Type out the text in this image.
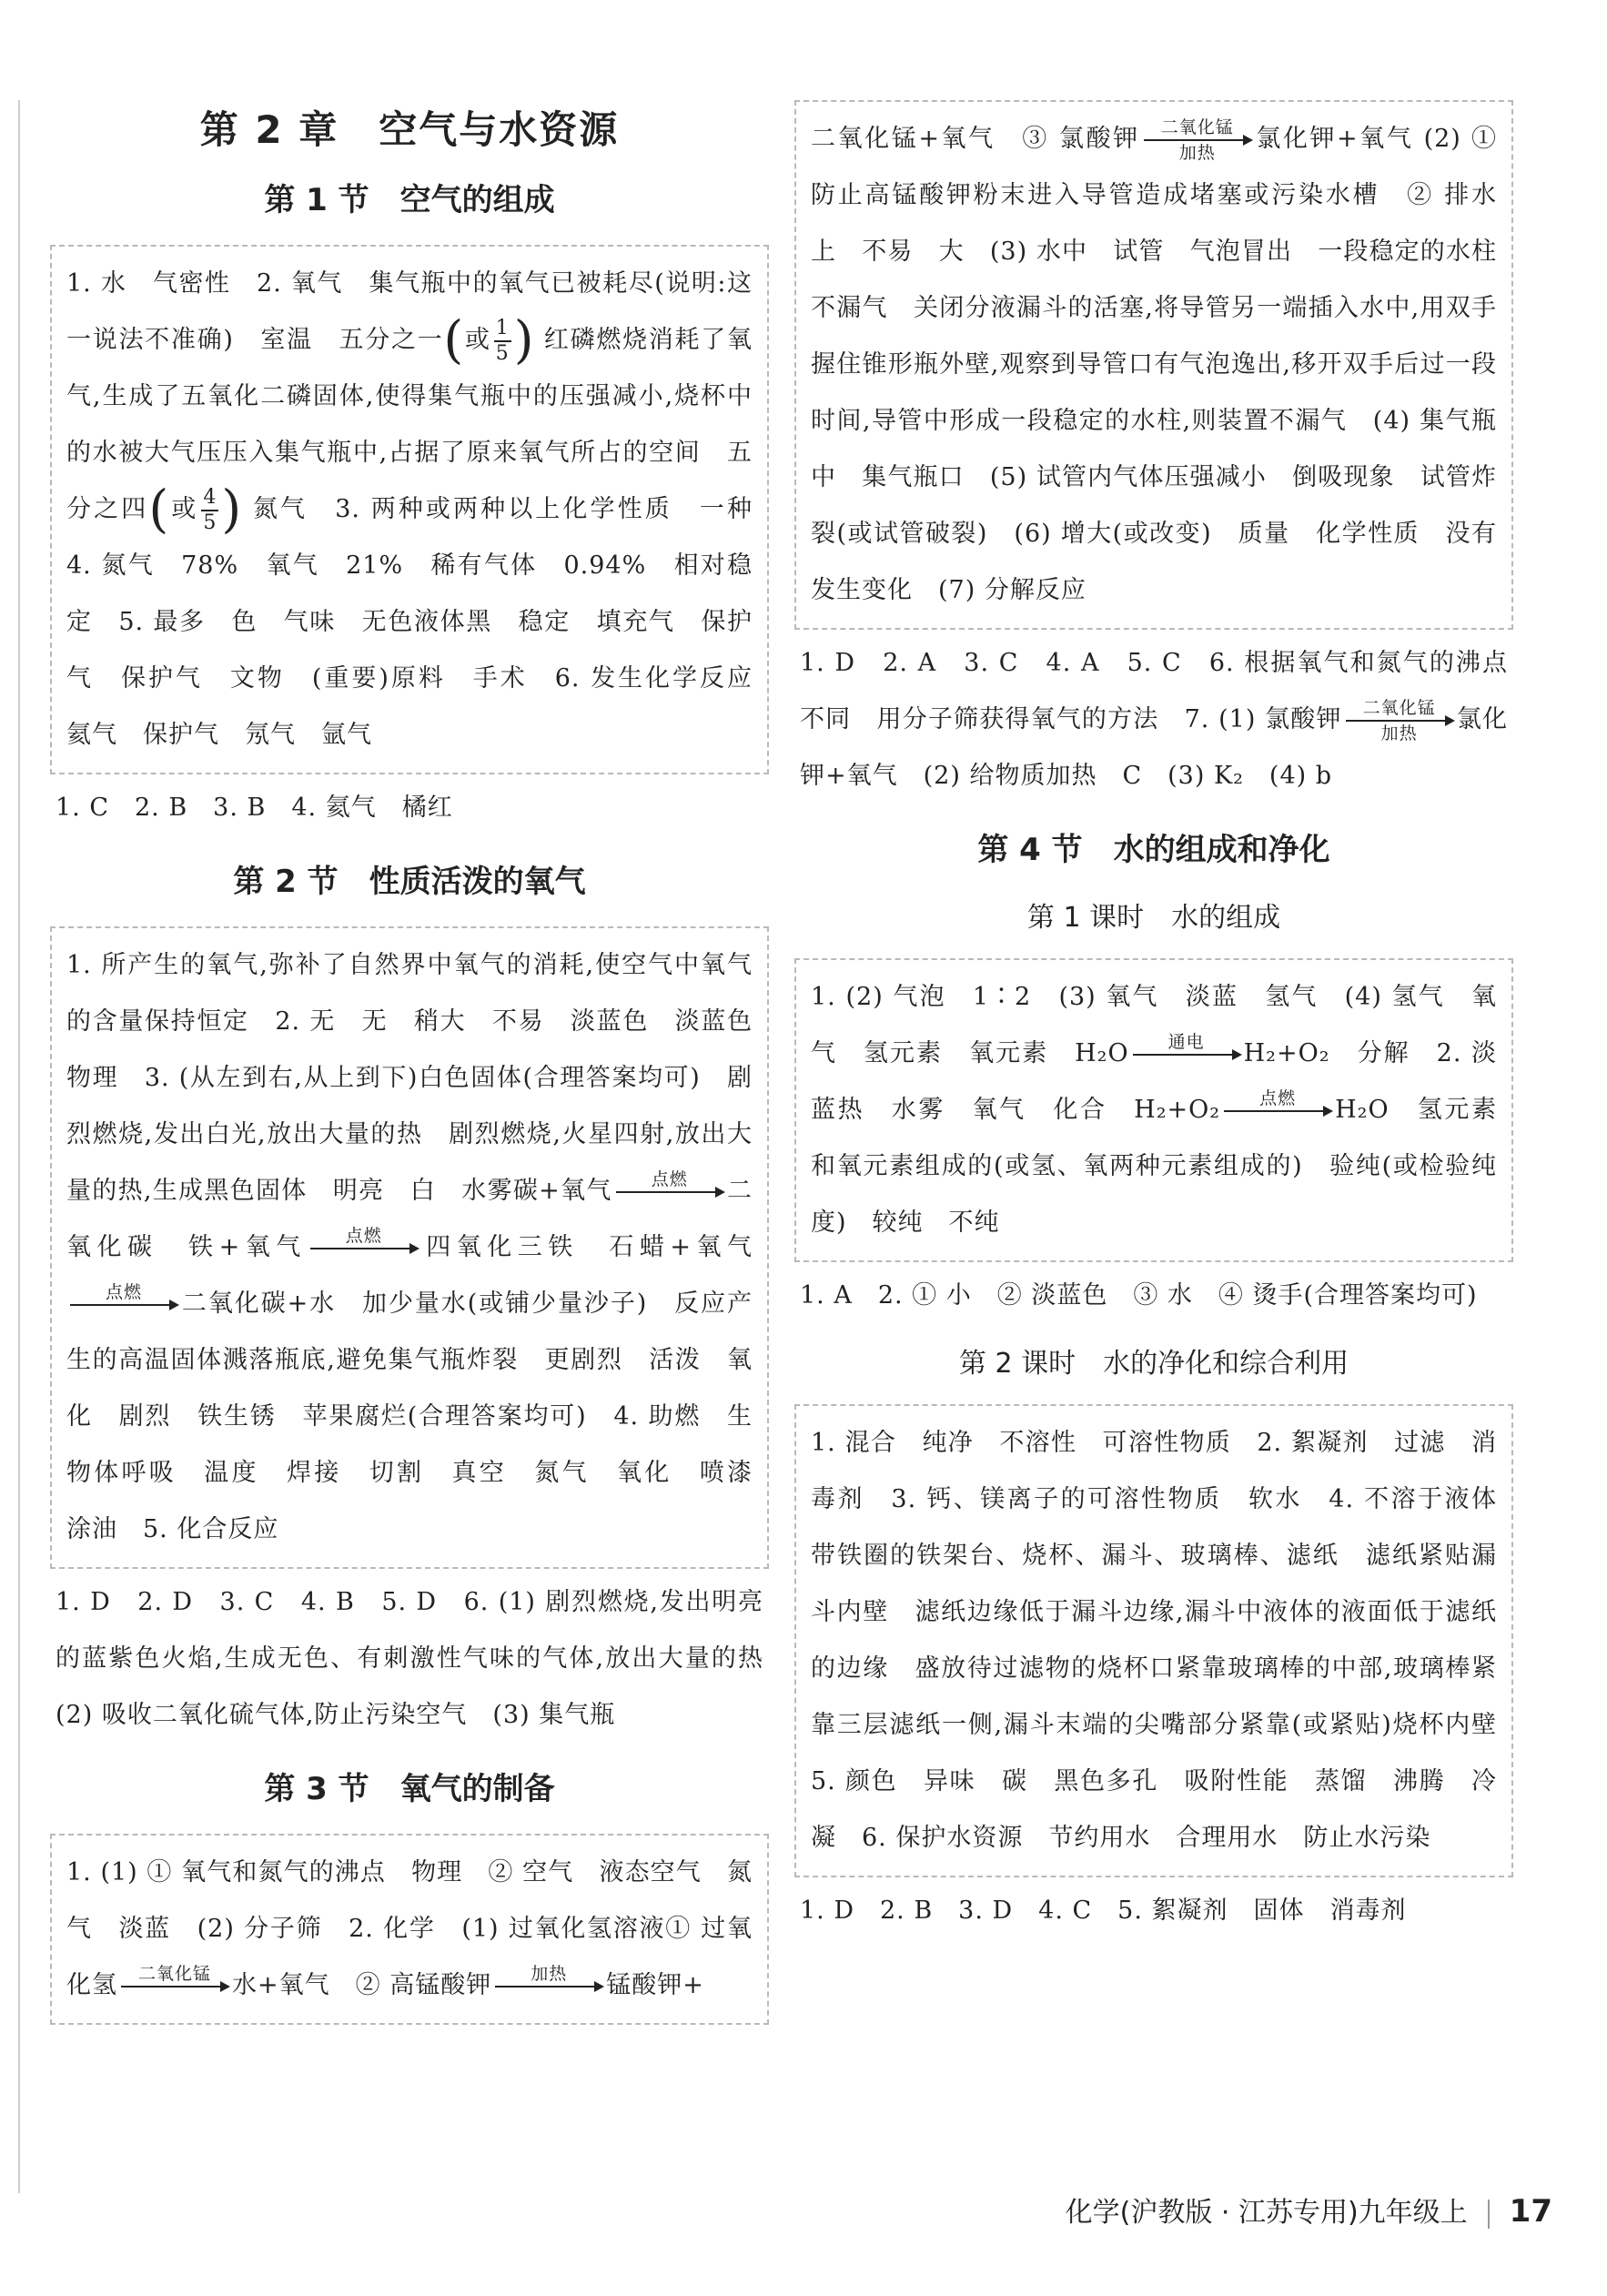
第 2 章　空气与水资源
第 1 节　空气的组成

1. 水　气密性　2. 氧气　集气瓶中的氧气已被耗尽(说明:这一说法不准确)　室温　五分之一(或 $\frac{1}{5}$ ) 红磷燃烧消耗了氧气,生成了五氧化二磷固体,使得集气瓶中的压强减小,烧杯中的水被大气压压入集气瓶中,占据了原来氧气所占的空间　五分之四(或 $\frac{4}{5}$ ) 氮气　3. 两种或两种以上化学性质　一种　4. 氮气　78%　氧气　21%　稀有气体　0.94%　相对稳定　5. 最多　色　气味　无色液体黑　稳定　填充气　保护气　保护气　文物　(重要)原料　手术　6. 发生化学反应　氦气　保护气　氖气　氩气

1. C　2. B　3. B　4. 氦气　橘红

第 2 节　性质活泼的氧气

1. 所产生的氧气,弥补了自然界中氧气的消耗,使空气中氧气的含量保持恒定　2. 无　无　稍大　不易　淡蓝色　淡蓝色　物理　3. (从左到右,从上到下)白色固体(合理答案均可)　剧烈燃烧,发出白光,放出大量的热　剧烈燃烧,火星四射,放出大量的热,生成黑色固体　明亮　白　水雾碳+氧气	点燃	二氧化碳　铁+氧气	点燃	四氧化三铁　石蜡+氧气
点燃	二氧化碳+水　加少量水(或铺少量沙子)　反应产生的高温固体溅落瓶底,避免集气瓶炸裂　更剧烈　活泼　氧化　剧烈　铁生锈　苹果腐烂(合理答案均可)　4. 助燃　生物体呼吸　温度　焊接　切割　真空　氮气　氧化　喷漆　涂油　5. 化合反应

1. D　2. D　3. C　4. B　5. D　6. (1) 剧烈燃烧,发出明亮的蓝紫色火焰,生成无色、有刺激性气味的气体,放出大量的热　(2) 吸收二氧化硫气体,防止污染空气　(3) 集气瓶

第 3 节　氧气的制备

1. (1) ① 氧气和氮气的沸点　物理　② 空气　液态空气　氮气　淡蓝　(2) 分子筛　2. 化学　(1) 过氧化氢溶液① 过氧化氢	二氧化锰 水+氧气　② 高锰酸钾	加热	锰酸钾+

二氧化锰+氧气　③ 氯酸钾	二氧化锰
加热	氯化钾+氧气 (2) ① 防止高锰酸钾粉末进入导管造成堵塞或污染水槽　② 排水　上　不易　大　(3) 水中　试管　气泡冒出　一段稳定的水柱　不漏气　关闭分液漏斗的活塞,将导管另一端插入水中,用双手握住锥形瓶外壁,观察到导管口有气泡逸出,移开双手后过一段时间,导管中形成一段稳定的水柱,则装置不漏气　(4) 集气瓶中　集气瓶口　(5) 试管内气体压强减小　倒吸现象　试管炸裂(或试管破裂)　(6) 增大(或改变)　质量　化学性质　没有发生变化　(7) 分解反应

1. D　2. A　3. C　4. A　5. C　6. 根据氧气和氮气的沸点不同　用分子筛获得氧气的方法　7. (1) 氯酸钾	二氧化锰
加热	氯化钾+氧气　(2) 给物质加热　C　(3) K₂　(4) b

第 4 节　水的组成和净化
第 1 课时　水的组成

1. (2) 气泡　1∶2　(3) 氧气　淡蓝　氢气　(4) 氢气　氧气　氢元素　氧元素　H₂O	通电	H₂+O₂　分解　2. 淡蓝热　水雾　氧气　化合　H₂+O₂	点燃	H₂O　氢元素和氧元素组成的(或氢、氧两种元素组成的)　验纯(或检验纯度)　较纯　不纯

1. A　2. ① 小　② 淡蓝色　③ 水　④ 烫手(合理答案均可)

第 2 课时　水的净化和综合利用

1. 混合　纯净　不溶性　可溶性物质　2. 絮凝剂　过滤　消毒剂　3. 钙、镁离子的可溶性物质　软水　4. 不溶于液体　带铁圈的铁架台、烧杯、漏斗、玻璃棒、滤纸　滤纸紧贴漏斗内壁　滤纸边缘低于漏斗边缘,漏斗中液体的液面低于滤纸的边缘　盛放待过滤物的烧杯口紧靠玻璃棒的中部,玻璃棒紧靠三层滤纸一侧,漏斗末端的尖嘴部分紧靠(或紧贴)烧杯内壁　5. 颜色　异味　碳　黑色多孔　吸附性能　蒸馏　沸腾　冷凝　6. 保护水资源　节约用水　合理用水　防止水污染

1. D　2. B　3. D　4. C　5. 絮凝剂　固体　消毒剂

化学(沪教版 · 江苏专用)九年级上 17
